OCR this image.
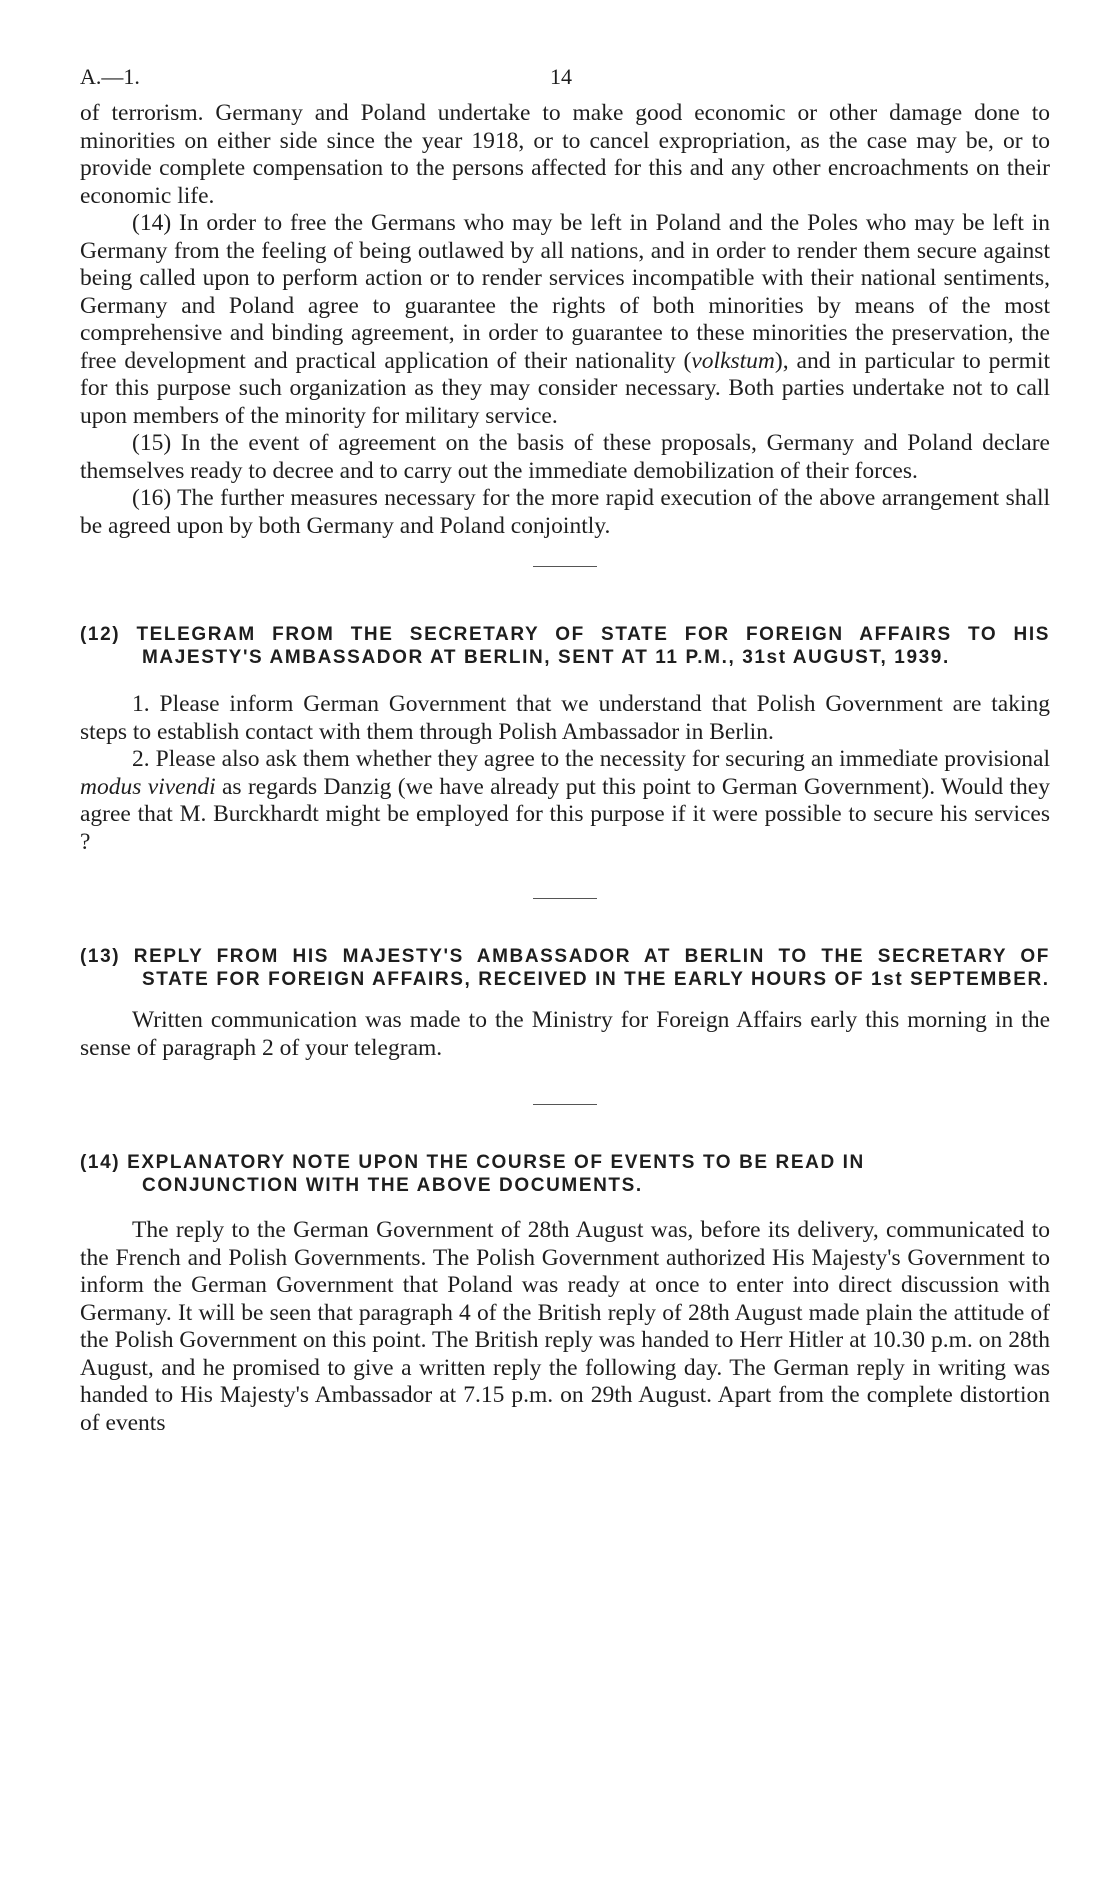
A.—1.	14

of terrorism. Germany and Poland undertake to make good economic or other damage done to minorities on either side since the year 1918, or to cancel expropriation, as the case may be, or to provide complete compensation to the persons affected for this and any other encroachments on their economic life.

(14) In order to free the Germans who may be left in Poland and the Poles who may be left in Germany from the feeling of being outlawed by all nations, and in order to render them secure against being called upon to perform action or to render services incompatible with their national sentiments, Germany and Poland agree to guarantee the rights of both minorities by means of the most comprehensive and binding agreement, in order to guarantee to these minorities the preservation, the free development and practical application of their nationality (volkstum), and in particular to permit for this purpose such organization as they may consider necessary. Both parties undertake not to call upon members of the minority for military service.

(15) In the event of agreement on the basis of these proposals, Germany and Poland declare themselves ready to decree and to carry out the immediate demobilization of their forces.

(16) The further measures necessary for the more rapid execution of the above arrangement shall be agreed upon by both Germany and Poland conjointly.

(12) TELEGRAM FROM THE SECRETARY OF STATE FOR FOREIGN AFFAIRS TO HIS MAJESTY'S AMBASSADOR AT BERLIN, SENT AT 11 P.M., 31st AUGUST, 1939.

1. Please inform German Government that we understand that Polish Government are taking steps to establish contact with them through Polish Ambassador in Berlin.

2. Please also ask them whether they agree to the necessity for securing an immediate provisional modus vivendi as regards Danzig (we have already put this point to German Government). Would they agree that M. Burckhardt might be employed for this purpose if it were possible to secure his services ?

(13) REPLY FROM HIS MAJESTY'S AMBASSADOR AT BERLIN TO THE SECRETARY OF STATE FOR FOREIGN AFFAIRS, RECEIVED IN THE EARLY HOURS OF 1st SEPTEMBER.

Written communication was made to the Ministry for Foreign Affairs early this morning in the sense of paragraph 2 of your telegram.

(14) EXPLANATORY NOTE UPON THE COURSE OF EVENTS TO BE READ IN
CONJUNCTION WITH THE ABOVE DOCUMENTS.

The reply to the German Government of 28th August was, before its delivery, communicated to the French and Polish Governments. The Polish Government authorized His Majesty's Government to inform the German Government that Poland was ready at once to enter into direct discussion with Germany. It will be seen that paragraph 4 of the British reply of 28th August made plain the attitude of the Polish Government on this point. The British reply was handed to Herr Hitler at 10.30 p.m. on 28th August, and he promised to give a written reply the following day. The German reply in writing was handed to His Majesty's Ambassador at 7.15 p.m. on 29th August. Apart from the complete distortion of events
